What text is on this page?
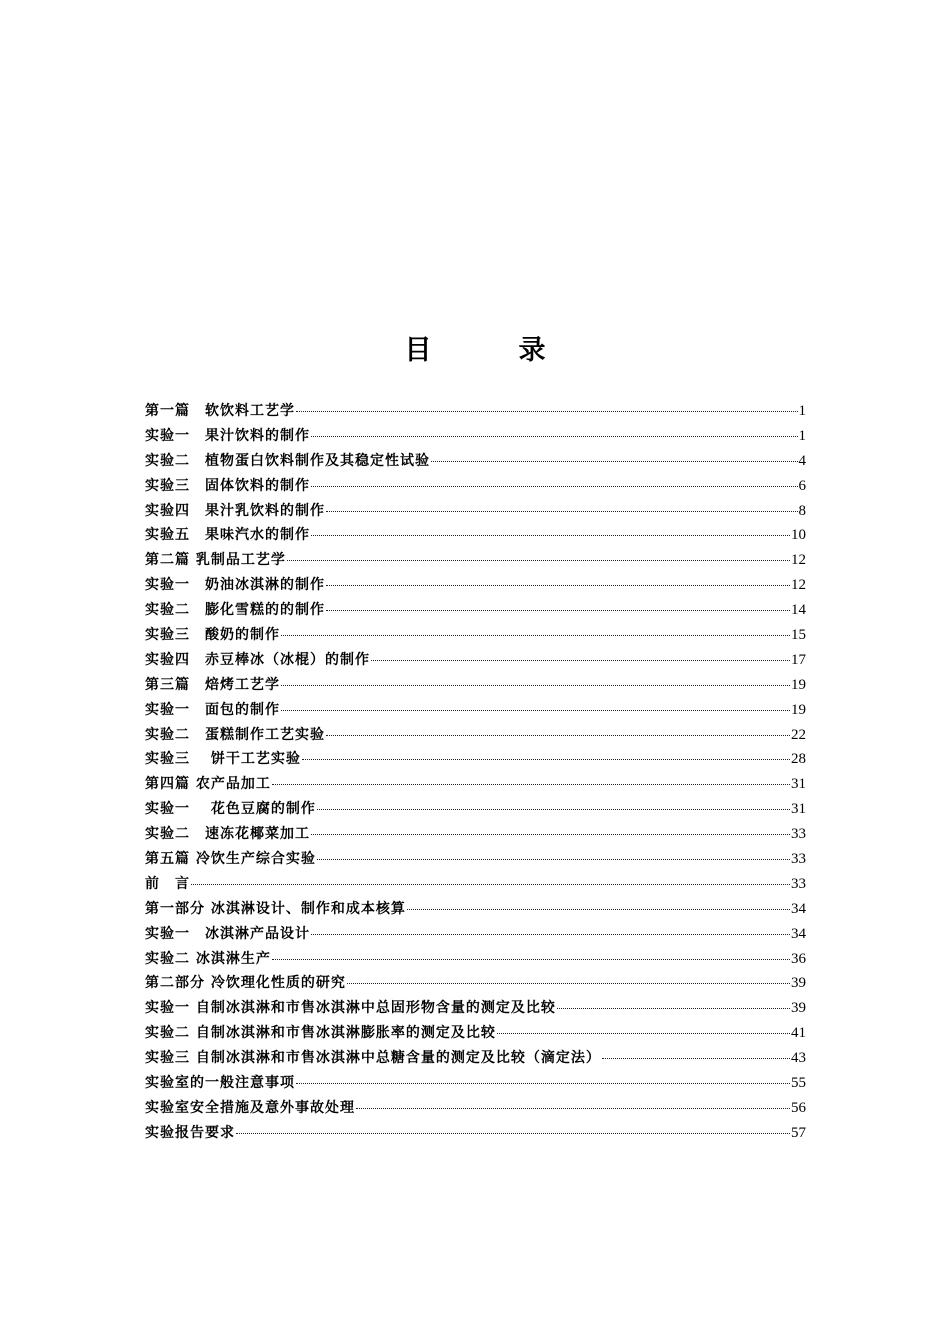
目　录
第一篇　软饮料工艺学	1
实验一　果汁饮料的制作	1
实验二　植物蛋白饮料制作及其稳定性试验	4
实验三　固体饮料的制作	6
实验四　果汁乳饮料的制作	8
实验五　果味汽水的制作	10
第二篇 乳制品工艺学	12
实验一　奶油冰淇淋的制作	12
实验二　膨化雪糕的的制作	14
实验三　酸奶的制作	15
实验四　赤豆棒冰（冰棍）的制作	17
第三篇　焙烤工艺学	19
实验一　面包的制作	19
实验二　蛋糕制作工艺实验	22
实验三　 饼干工艺实验	28
第四篇 农产品加工	31
实验一　 花色豆腐的制作	31
实验二　速冻花椰菜加工	33
第五篇 冷饮生产综合实验	33
前　言	33
第一部分 冰淇淋设计、制作和成本核算	34
实验一　冰淇淋产品设计	34
实验二 冰淇淋生产	36
第二部分 冷饮理化性质的研究	39
实验一 自制冰淇淋和市售冰淇淋中总固形物含量的测定及比较	39
实验二 自制冰淇淋和市售冰淇淋膨胀率的测定及比较	41
实验三 自制冰淇淋和市售冰淇淋中总糖含量的测定及比较（滴定法）	43
实验室的一般注意事项	55
实验室安全措施及意外事故处理	56
实验报告要求	57
